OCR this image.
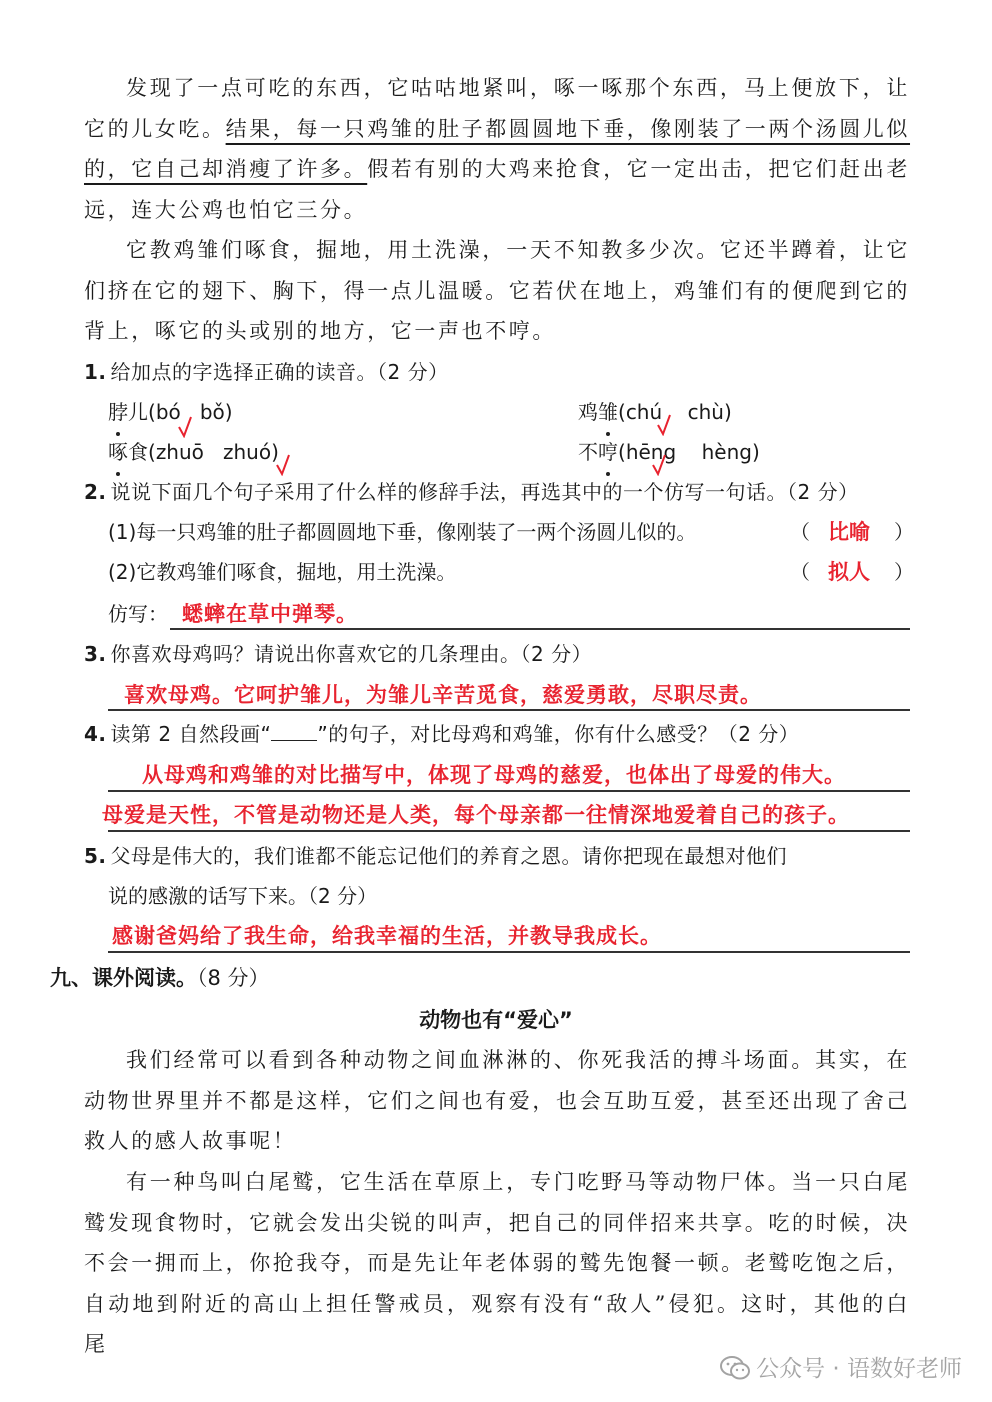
发现了一点可吃的东西，它咕咕地紧叫，啄一啄那个东西，马上便放下，让它的儿女吃。结果，每一只鸡雏的肚子都圆圆地下垂，像刚装了一两个汤圆儿似的，它自己却消瘦了许多。假若有别的大鸡来抢食，它一定出击，把它们赶出老远，连大公鸡也怕它三分。

它教鸡雏们啄食，掘地，用土洗澡，一天不知教多少次。它还半蹲着，让它们挤在它的翅下、胸下，得一点儿温暖。它若伏在地上，鸡雏们有的便爬到它的背上，啄它的头或别的地方，它一声也不哼。

1. 给加点的字选择正确的读音。（2 分）
脖儿(bó bǒ)	鸡雏(chú chù)
啄食(zhuō zhuó)	不哼(hēng hèng)
2. 说说下面几个句子采用了什么样的修辞手法，再选其中的一个仿写一句话。（2 分）
(1)每一只鸡雏的肚子都圆圆地下垂，像刚装了一两个汤圆儿似的。	（ 比喻 ）
(2)它教鸡雏们啄食，掘地，用土洗澡。	（ 拟人 ）
仿写： 蟋蟀在草中弹琴。
3. 你喜欢母鸡吗？请说出你喜欢它的几条理由。（2 分）
喜欢母鸡。它呵护雏儿，为雏儿辛苦觅食，慈爱勇敢，尽职尽责。
4. 读第 2 自然段画“ ”的句子，对比母鸡和鸡雏，你有什么感受？（2 分）
从母鸡和鸡雏的对比描写中，体现了母鸡的慈爱，也体出了母爱的伟大。
母爱是天性，不管是动物还是人类，每个母亲都一往情深地爱着自己的孩子。
5. 父母是伟大的，我们谁都不能忘记他们的养育之恩。请你把现在最想对他们
说的感激的话写下来。（2 分）
感谢爸妈给了我生命，给我幸福的生活，并教导我成长。
九、课外阅读。（8 分）
动物也有“爱心”

我们经常可以看到各种动物之间血淋淋的、你死我活的搏斗场面。其实，在动物世界里并不都是这样，它们之间也有爱，也会互助互爱，甚至还出现了舍己救人的感人故事呢！

有一种鸟叫白尾鹫，它生活在草原上，专门吃野马等动物尸体。当一只白尾鹫发现食物时，它就会发出尖锐的叫声，把自己的同伴招来共享。吃的时候，决不会一拥而上，你抢我夺，而是先让年老体弱的鹫先饱餐一顿。老鹫吃饱之后，自动地到附近的高山上担任警戒员，观察有没有“敌人”侵犯。这时，其他的白尾

公众号 · 语数好老师
